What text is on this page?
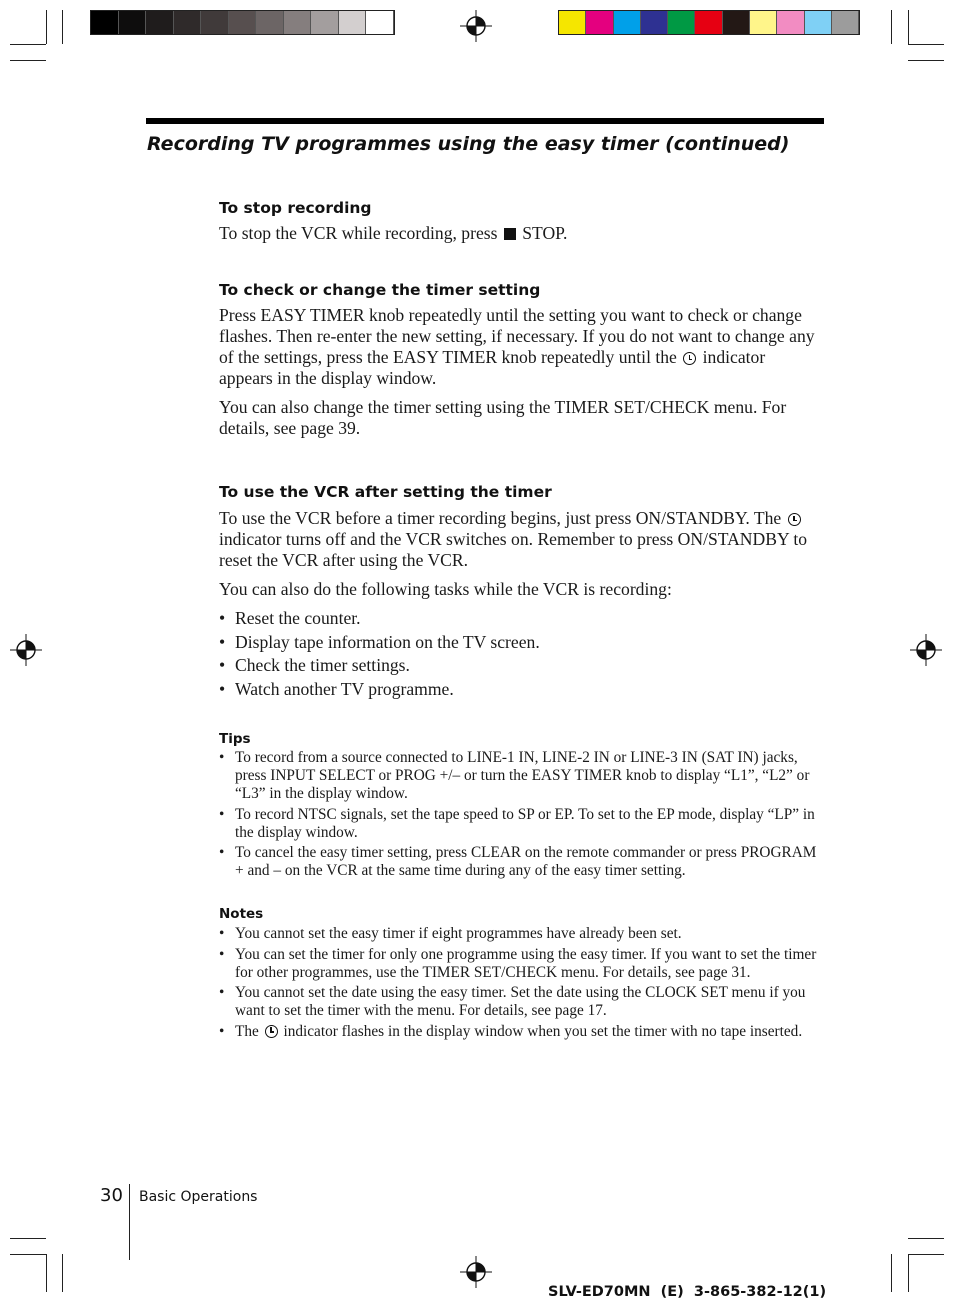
Recording TV programmes using the easy timer (continued)
To stop recording

To stop the VCR while recording, press STOP.

To check or change the timer setting

Press EASY TIMER knob repeatedly until the setting you want to check or change flashes. Then re-enter the new setting, if necessary. If you do not want to change any of the settings, press the EASY TIMER knob repeatedly until the indicator appears in the display window.

You can also change the timer setting using the TIMER SET/CHECK menu. For details, see page 39.

To use the VCR after setting the timer

To use the VCR before a timer recording begins, just press ON/STANDBY. The  indicator turns off and the VCR switches on. Remember to press ON/STANDBY to reset the VCR after using the VCR.

You can also do the following tasks while the VCR is recording:

• Reset the counter.
• Display tape information on the TV screen.
• Check the timer settings.
• Watch another TV programme.

Tips

• To record from a source connected to LINE-1 IN, LINE-2 IN or LINE-3 IN (SAT IN) jacks, press INPUT SELECT or PROG +/– or turn the EASY TIMER knob to display “L1”, “L2” or “L3” in the display window.
• To record NTSC signals, set the tape speed to SP or EP. To set to the EP mode, display “LP” in the display window.
• To cancel the easy timer setting, press CLEAR on the remote commander or press PROGRAM + and – on the VCR at the same time during any of the easy timer setting.

Notes

• You cannot set the easy timer if eight programmes have already been set.
• You can set the timer for only one programme using the easy timer. If you want to set the timer for other programmes, use the TIMER SET/CHECK menu. For details, see page 31.
• You cannot set the date using the easy timer. Set the date using the CLOCK SET menu if you want to set the timer with the menu. For details, see page 17.
• The indicator flashes in the display window when you set the timer with no tape inserted.
30 Basic Operations
SLV-ED70MN  (E)  3-865-382-12(1)
